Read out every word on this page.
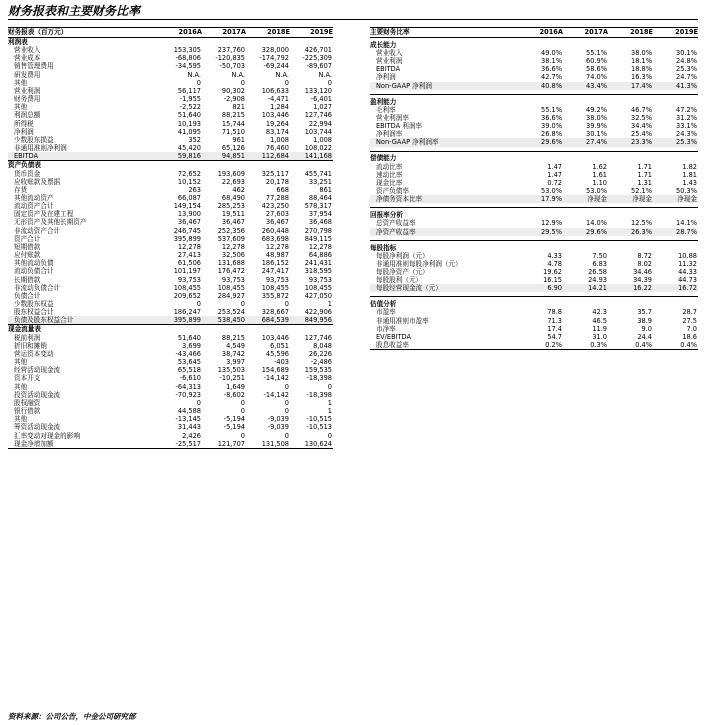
财务报表和主要财务比率
财务报表（百万元）	2016A	2017A	2018E	2019E
利润表				
营业收入	153,305	237,760	328,000	426,701
营业成本	-68,806	-120,835	-174,792	-225,309
销售管理费用	-34,595	-50,703	-69,244	-89,607
研发费用	N.A.	N.A.	N.A.	N.A.
其他	0	0	0	0
营业利润	56,117	90,302	106,633	133,120
财务费用	-1,955	-2,908	-4,471	-6,401
其他	-2,522	821	1,284	1,027
利润总额	51,640	88,215	103,446	127,746
所得税	10,193	15,744	19,264	22,994
净利润	41,095	71,510	83,174	103,744
少数股东损益	352	961	1,008	1,008
非通用准则净利润	45,420	65,126	76,460	108,022
EBITDA	59,816	94,851	112,684	141,168
资产负债表				
货币资金	72,652	193,609	325,117	455,741
应收账款及票据	10,152	22,693	20,178	33,251
存货	263	462	668	861
其他流动资产	66,087	68,490	77,288	88,464
流动资产合计	149,154	285,253	423,250	578,317
固定资产及在建工程	13,900	19,511	27,603	37,954
无形资产及其他长期资产	36,467	36,467	36,467	36,468
非流动资产合计	246,745	252,356	260,448	270,798
资产合计	395,899	537,609	683,698	849,115
短期借款	12,278	12,278	12,278	12,278
应付账款	27,413	32,506	48,987	64,886
其他流动负债	61,506	131,688	186,152	241,431
流动负债合计	101,197	176,472	247,417	318,595
长期借款	93,753	93,753	93,753	93,753
非流动负债合计	108,455	108,455	108,455	108,455
负债合计	209,652	284,927	355,872	427,050
少数股东权益	0	0	0	1
股东权益合计	186,247	253,524	328,667	422,906
负债及股东权益合计	395,899	538,450	684,539	849,956
现金流量表				
税前利润	51,640	88,215	103,446	127,746
折旧和摊销	3,699	4,549	6,051	8,048
营运资本变动	-43,466	38,742	45,596	26,226
其他	53,645	3,997	-403	-2,486
经营活动现金流	65,518	135,503	154,689	159,535
资本开支	-6,610	-10,251	-14,142	-18,398
其他	-64,313	1,649	0	0
投资活动现金流	-70,923	-8,602	-14,142	-18,398
股权融资	0	0	0	1
银行借款	44,588	0	0	1
其他	-13,145	-5,194	-9,039	-10,515
筹资活动现金流	31,443	-5,194	-9,039	-10,513
汇率变动对现金的影响	2,426	0	0	0
现金净增加额	-25,517	121,707	131,508	130,624
主要财务比率	2016A	2017A	2018E	2019E
成长能力				
营业收入	49.0%	55.1%	38.0%	30.1%
营业利润	38.1%	60.9%	18.1%	24.8%
EBITDA	36.6%	58.6%	18.8%	25.3%
净利润	42.7%	74.0%	16.3%	24.7%
Non-GAAP 净利润	40.8%	43.4%	17.4%	41.3%

盈利能力				
毛利率	55.1%	49.2%	46.7%	47.2%
营业利润率	36.6%	38.0%	32.5%	31.2%
EBITDA 利润率	39.0%	39.9%	34.4%	33.1%
净利润率	26.8%	30.1%	25.4%	24.3%
Non-GAAP 净利润率	29.6%	27.4%	23.3%	25.3%

偿债能力				
流动比率	1.47	1.62	1.71	1.82
速动比率	1.47	1.61	1.71	1.81
现金比率	0.72	1.10	1.31	1.43
资产负债率	53.0%	53.0%	52.1%	50.3%
净债务资本比率	17.9%	净现金	净现金	净现金

回报率分析				
总资产收益率	12.9%	14.0%	12.5%	14.1%
净资产收益率	29.5%	29.6%	26.3%	28.7%

每股指标				
每股净利润（元）	4.33	7.50	8.72	10.88
非通用准则每股净利润（元）	4.78	6.83	8.02	11.32
每股净资产（元）	19.62	26.58	34.46	44.33
每股股利（元）	16.15	24.93	34.39	44.73
每股经营现金流（元）	6.90	14.21	16.22	16.72

估值分析				
市盈率	78.8	42.3	35.7	28.7
非通用准则市盈率	71.3	46.5	38.9	27.5
市净率	17.4	11.9	9.0	7.0
EV/EBITDA	54.7	31.0	24.4	18.6
股息收益率	0.2%	0.3%	0.4%	0.4%
资料来源：公司公告，中金公司研究部
